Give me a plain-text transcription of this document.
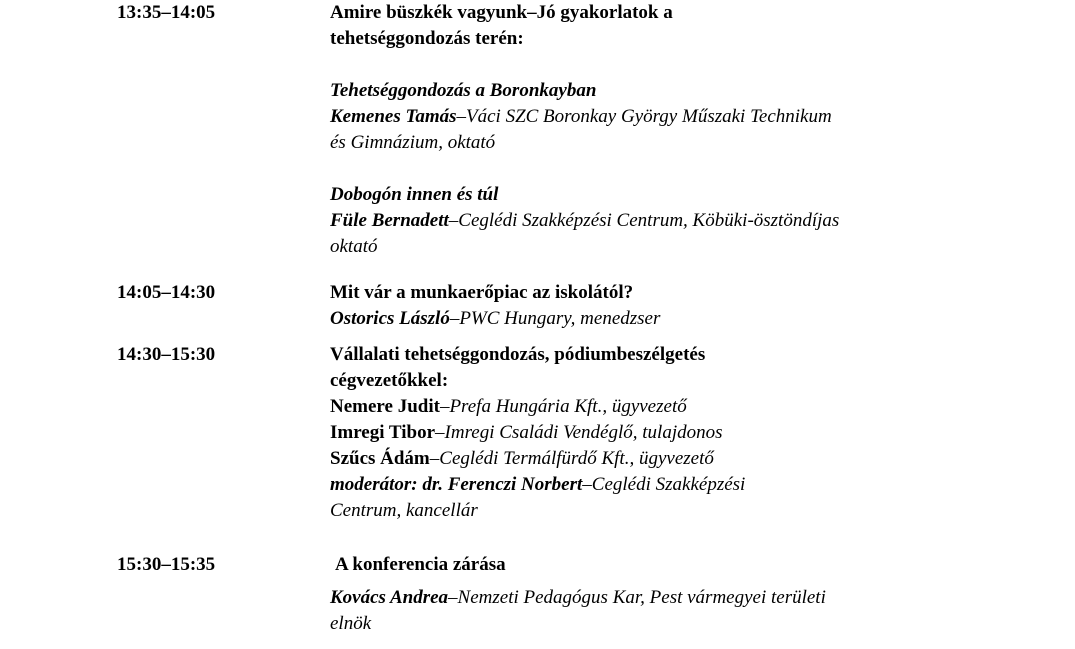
13:35–14:05	Amire büszkék vagyunk–Jó gyakorlatok a
tehetséggondozás terén:

Tehetséggondozás a Boronkayban
Kemenes Tamás–Váci SZC Boronkay György Műszaki Technikum
és Gimnázium, oktató

Dobogón innen és túl
Füle Bernadett–Ceglédi Szakképzési Centrum, Köbüki-ösztöndíjas
oktató

14:05–14:30	Mit vár a munkaerőpiac az iskolától?

Ostorics László–PWC Hungary, menedzser

14:30–15:30	Vállalati tehetséggondozás, pódiumbeszélgetés
cégvezetőkkel:

Nemere Judit–Prefa Hungária Kft., ügyvezető

Imregi Tibor–Imregi Családi Vendéglő, tulajdonos

Szűcs Ádám–Ceglédi Termálfürdő Kft., ügyvezető

moderátor: dr. Ferenczi Norbert–Ceglédi Szakképzési
Centrum, kancellár

15:30–15:35	A konferencia zárása

Kovács Andrea–Nemzeti Pedagógus Kar, Pest vármegyei területi
elnök
